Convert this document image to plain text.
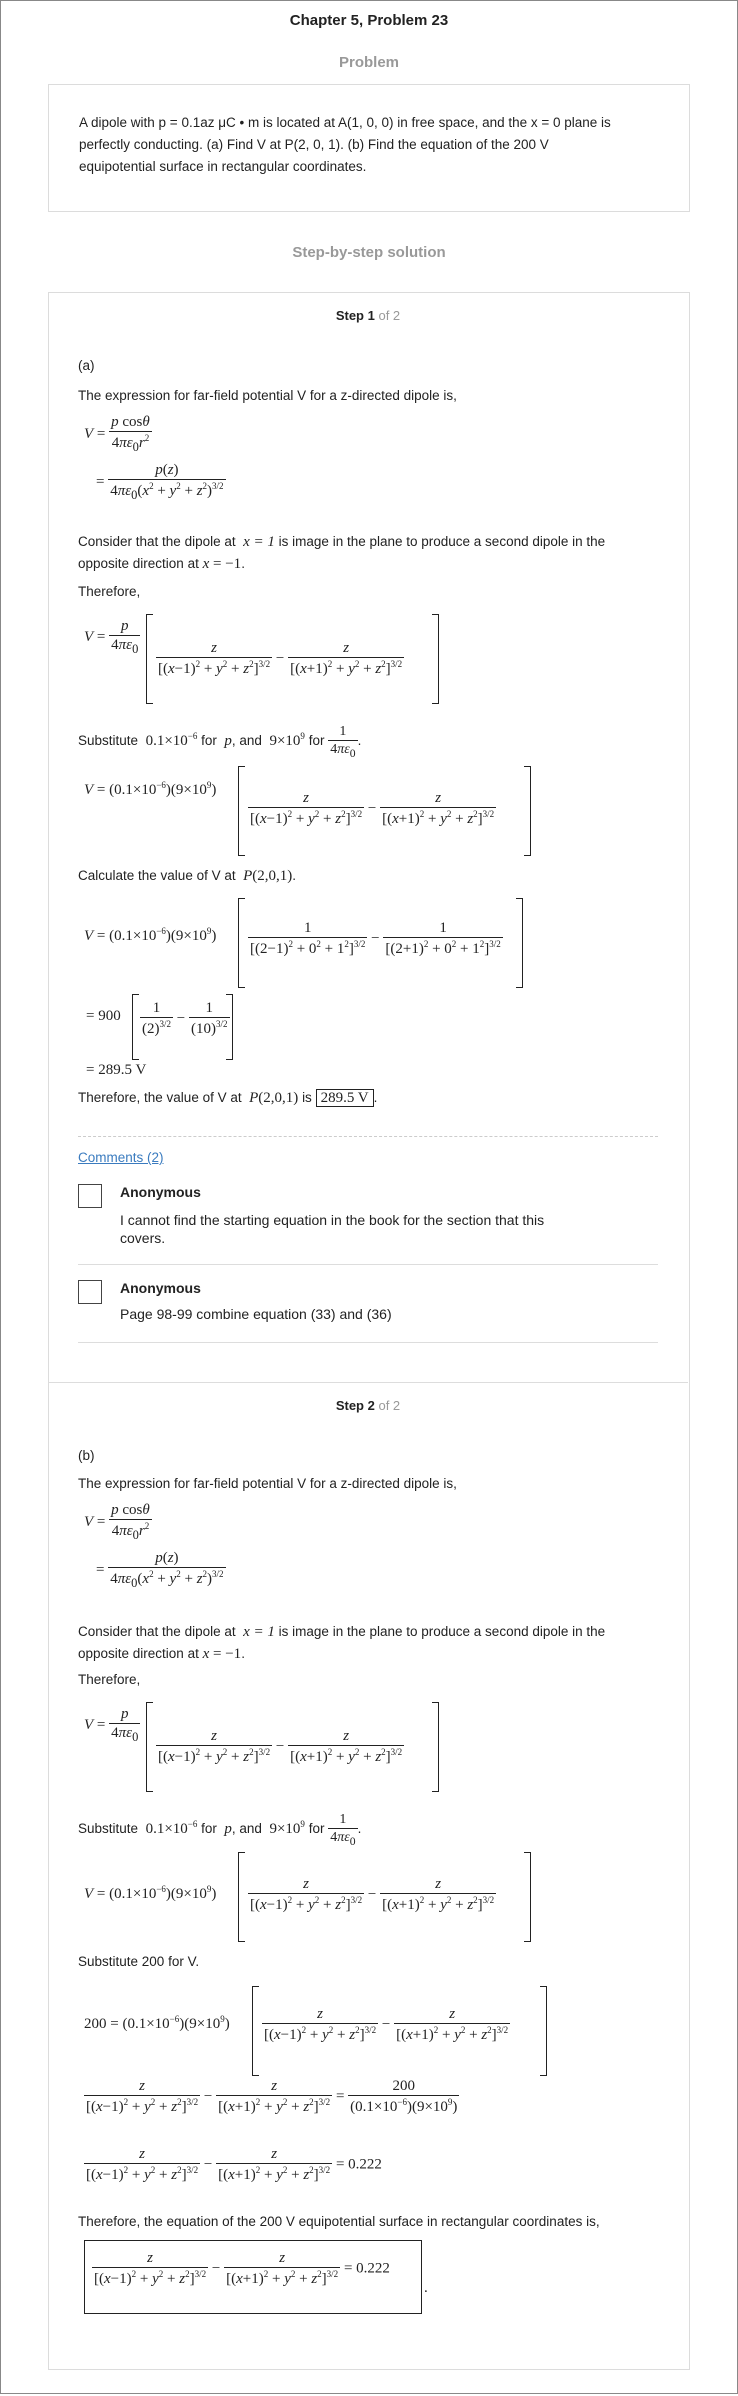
Chapter 5, Problem 23
Problem
A dipole with p = 0.1az μC • m is located at A(1, 0, 0) in free space, and the x = 0 plane is
perfectly conducting. (a) Find V at P(2, 0, 1). (b) Find the equation of the 200 V
equipotential surface in rectangular coordinates.
Step-by-step solution
Step 1 of 2
(a)
The expression for far-field potential V for a z-directed dipole is,
$V = \frac{\text{p cosθ}}{4\pi\varepsilon_0r^2}$
= $\frac{p(z)}{4\pi\varepsilon_0(x^2 + y^2 + z^2)^{3/2}}$
Consider that the dipole at  x = 1 is image in the plane to produce a second dipole in the
opposite direction at x = −1.
Therefore,
$V = \frac{p}{4\pi\varepsilon_0}$
$\frac{z}{[(x-1)^2 + y^2 + z^2]^{3/2}} - \frac{z}{[(x+1)^2 + y^2 + z^2]^{3/2}}$
Substitute  $0.1\times 10^{-6}$ for  p, and  $9\times 10^9$ for $\frac{1}{4\pi\varepsilon_0}$ .
$V = (0.1\times 10^{-6})(9\times 10^9) \frac{z}{[(x-1)^2 + y^2 + z^2]^{3/2}} - \frac{z}{[(x+1)^2 + y^2 + z^2]^{3/2}}$
Calculate the value of V at P(2,0,1).
$V = (0.1\times 10^{-6})(9\times 10^9) \frac{1}{[(2-1)^2 + 0^2 + 1^2]^{3/2}} - \frac{1}{[(2+1)^2 + 0^2 + 1^2]^{3/2}}$
= $900 \frac{1}{(2)^{3/2}} - \frac{1}{(10)^{3/2}}$
= 289.5 V
Therefore, the value of V at P(2,0,1) is 289.5 V .
Comments (2)
Anonymous
I cannot find the starting equation in the book for the section that this
covers.
Anonymous
Page 98-99 combine equation (33) and (36)
Step 2 of 2
(b)
The expression for far-field potential V for a z-directed dipole is,
$V = \frac{\text{p cosθ}}{4\pi\varepsilon_0r^2}$
= $\frac{p(z)}{4\pi\varepsilon_0(x^2 + y^2 + z^2)^{3/2}}$
Consider that the dipole at  x = 1 is image in the plane to produce a second dipole in the
opposite direction at x = −1.
Therefore,
$V = \frac{p}{4\pi\varepsilon_0}$
$\frac{z}{[(x-1)^2 + y^2 + z^2]^{3/2}} - \frac{z}{[(x+1)^2 + y^2 + z^2]^{3/2}}$
Substitute  $0.1\times 10^{-6}$ for  p, and  $9\times 10^9$ for $\frac{1}{4\pi\varepsilon_0}$ .
$V = (0.1\times 10^{-6})(9\times 10^9) \frac{z}{[(x-1)^2 + y^2 + z^2]^{3/2}} - \frac{z}{[(x+1)^2 + y^2 + z^2]^{3/2}}$
Substitute 200 for V.
$200 = (0.1\times 10^{-6})(9\times 10^9) \frac{z}{[(x-1)^2 + y^2 + z^2]^{3/2}} - \frac{z}{[(x+1)^2 + y^2 + z^2]^{3/2}}$
$\frac{z}{[(x-1)^2 + y^2 + z^2]^{3/2}} - \frac{z}{[(x+1)^2 + y^2 + z^2]^{3/2}} = \frac{200}{(0.1\times 10^{-6})(9\times 10^9)}$
$\frac{z}{[(x-1)^2 + y^2 + z^2]^{3/2}} - \frac{z}{[(x+1)^2 + y^2 + z^2]^{3/2}} = 0.222$
Therefore, the equation of the 200 V equipotential surface in rectangular coordinates is,
$\frac{z}{[(x-1)^2 + y^2 + z^2]^{3/2}} - \frac{z}{[(x+1)^2 + y^2 + z^2]^{3/2}} = 0.222$
.
